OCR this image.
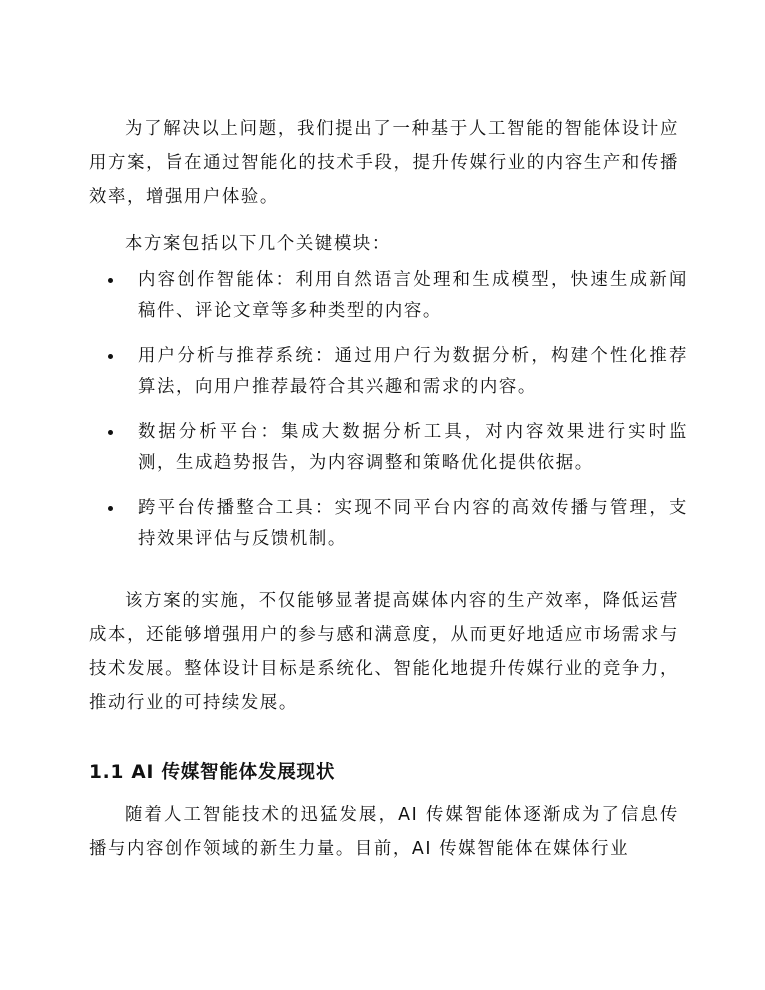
为了解决以上问题，我们提出了一种基于人工智能的智能体设计应用方案，旨在通过智能化的技术手段，提升传媒行业的内容生产和传播效率，增强用户体验。

本方案包括以下几个关键模块：

内容创作智能体：利用自然语言处理和生成模型，快速生成新闻稿件、评论文章等多种类型的内容。
用户分析与推荐系统：通过用户行为数据分析，构建个性化推荐算法，向用户推荐最符合其兴趣和需求的内容。
数据分析平台：集成大数据分析工具，对内容效果进行实时监测，生成趋势报告，为内容调整和策略优化提供依据。
跨平台传播整合工具：实现不同平台内容的高效传播与管理，支持效果评估与反馈机制。

该方案的实施，不仅能够显著提高媒体内容的生产效率，降低运营成本，还能够增强用户的参与感和满意度，从而更好地适应市场需求与技术发展。整体设计目标是系统化、智能化地提升传媒行业的竞争力，推动行业的可持续发展。

1.1 AI 传媒智能体发展现状

随着人工智能技术的迅猛发展，AI 传媒智能体逐渐成为了信息传播与内容创作领域的新生力量。目前，AI 传媒智能体在媒体行业
